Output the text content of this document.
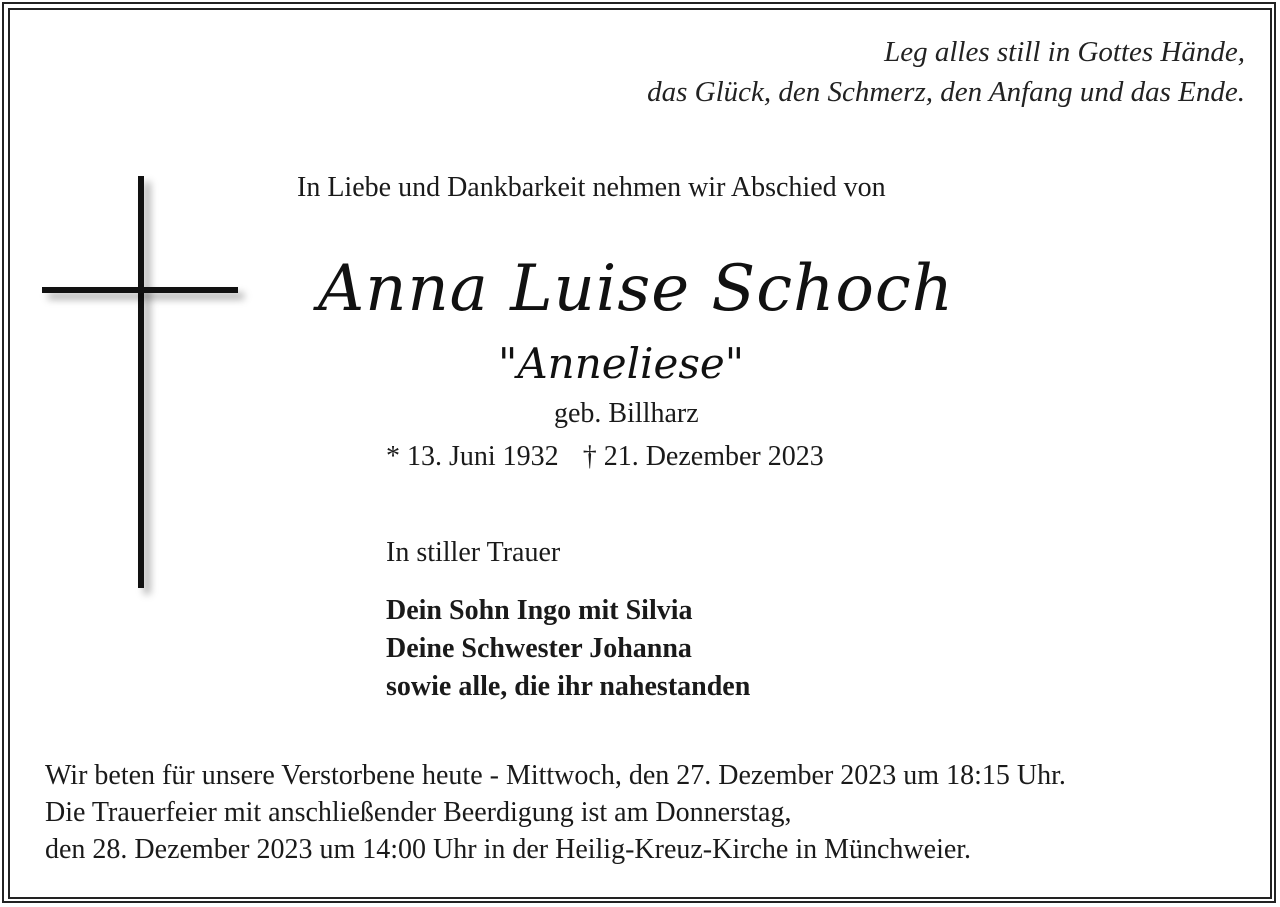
Leg alles still in Gottes Hände,
das Glück, den Schmerz, den Anfang und das Ende.
In Liebe und Dankbarkeit nehmen wir Abschied von
Anna Luise Schoch
"Anneliese"
geb. Billharz
* 13. Juni 1932 † 21. Dezember 2023
In stiller Trauer
Dein Sohn Ingo mit Silvia
Deine Schwester Johanna
sowie alle, die ihr nahestanden
Wir beten für unsere Verstorbene heute - Mittwoch, den 27. Dezember 2023 um 18:15 Uhr.
Die Trauerfeier mit anschließender Beerdigung ist am Donnerstag,
den 28. Dezember 2023 um 14:00 Uhr in der Heilig-Kreuz-Kirche in Münchweier.
